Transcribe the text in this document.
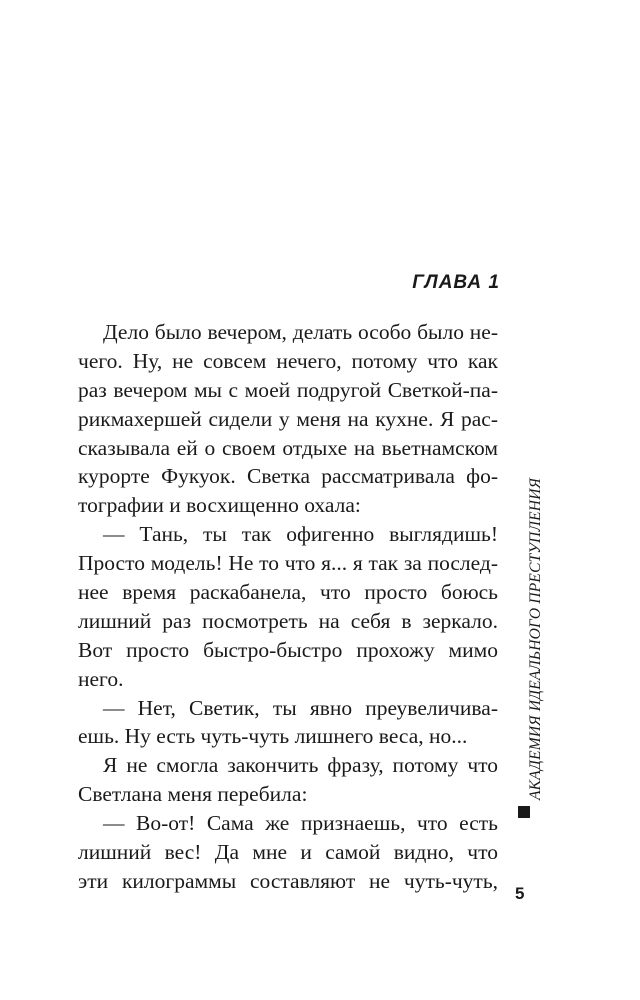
ГЛАВА 1
Дело было вечером, делать особо было не-
чего. Ну, не совсем нечего, потому что как
раз вечером мы с моей подругой Светкой-па-
рикмахершей сидели у меня на кухне. Я рас-
сказывала ей о своем отдыхе на вьетнамском
курорте Фукуок. Светка рассматривала фо-
тографии и восхищенно охала:
— Тань, ты так офигенно выглядишь!
Просто модель! Не то что я... я так за послед-
нее время раскабанела, что просто боюсь
лишний раз посмотреть на себя в зеркало.
Вот просто быстро-быстро прохожу мимо
него.
— Нет, Светик, ты явно преувеличива-
ешь. Ну есть чуть-чуть лишнего веса, но...
Я не смогла закончить фразу, потому что
Светлана меня перебила:
— Во-от! Сама же признаешь, что есть
лишний вес! Да мне и самой видно, что
эти килограммы составляют не чуть-чуть,
АКАДЕМИЯ ИДЕАЛЬНОГО ПРЕСТУПЛЕНИЯ
5
